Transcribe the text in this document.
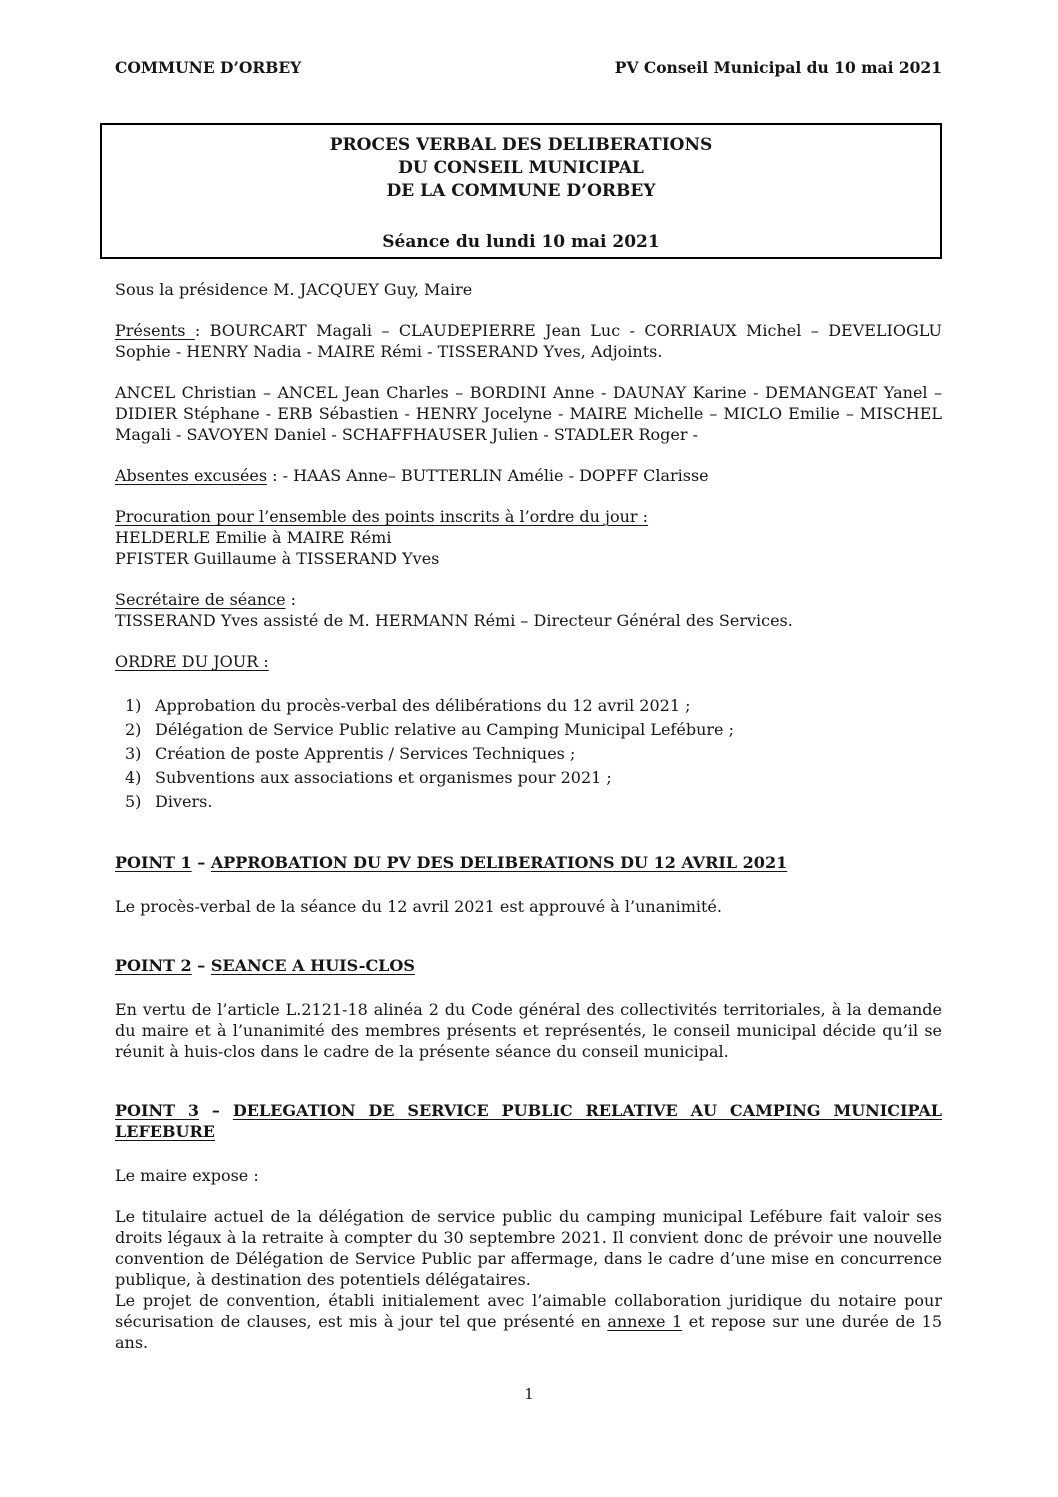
COMMUNE D’ORBEY	PV Conseil Municipal du 10 mai 2021
PROCES VERBAL DES DELIBERATIONS
DU CONSEIL MUNICIPAL
DE LA COMMUNE D’ORBEY
Séance du lundi 10 mai 2021

Sous la présidence M. JACQUEY Guy, Maire

Présents : BOURCART Magali – CLAUDEPIERRE Jean Luc - CORRIAUX Michel – DEVELIOGLU Sophie - HENRY Nadia - MAIRE Rémi - TISSERAND Yves, Adjoints.

ANCEL Christian – ANCEL Jean Charles – BORDINI Anne - DAUNAY Karine - DEMANGEAT Yanel – DIDIER Stéphane - ERB Sébastien - HENRY Jocelyne - MAIRE Michelle – MICLO Emilie – MISCHEL Magali - SAVOYEN Daniel - SCHAFFHAUSER Julien - STADLER Roger -

Absentes excusées : - HAAS Anne– BUTTERLIN Amélie - DOPFF Clarisse

Procuration pour l’ensemble des points inscrits à l’ordre du jour :

HELDERLE Emilie à MAIRE Rémi

PFISTER Guillaume à TISSERAND Yves

Secrétaire de séance :

TISSERAND Yves assisté de M. HERMANN Rémi – Directeur Général des Services.

ORDRE DU JOUR :

1) Approbation du procès-verbal des délibérations du 12 avril 2021 ;
2) Délégation de Service Public relative au Camping Municipal Lefébure ;
3) Création de poste Apprentis / Services Techniques ;
4) Subventions aux associations et organismes pour 2021 ;
5) Divers.

POINT 1 – APPROBATION DU PV DES DELIBERATIONS DU 12 AVRIL 2021

Le procès-verbal de la séance du 12 avril 2021 est approuvé à l’unanimité.

POINT 2 – SEANCE A HUIS-CLOS

En vertu de l’article L.2121-18 alinéa 2 du Code général des collectivités territoriales, à la demande du maire et à l’unanimité des membres présents et représentés, le conseil municipal décide qu’il se réunit à huis-clos dans le cadre de la présente séance du conseil municipal.

POINT 3 – DELEGATION DE SERVICE PUBLIC RELATIVE AU CAMPING MUNICIPAL LEFEBURE

Le maire expose :

Le titulaire actuel de la délégation de service public du camping municipal Lefébure fait valoir ses droits légaux à la retraite à compter du 30 septembre 2021. Il convient donc de prévoir une nouvelle convention de Délégation de Service Public par affermage, dans le cadre d’une mise en concurrence publique, à destination des potentiels délégataires.

Le projet de convention, établi initialement avec l’aimable collaboration juridique du notaire pour sécurisation de clauses, est mis à jour tel que présenté en annexe 1 et repose sur une durée de 15 ans.

1
